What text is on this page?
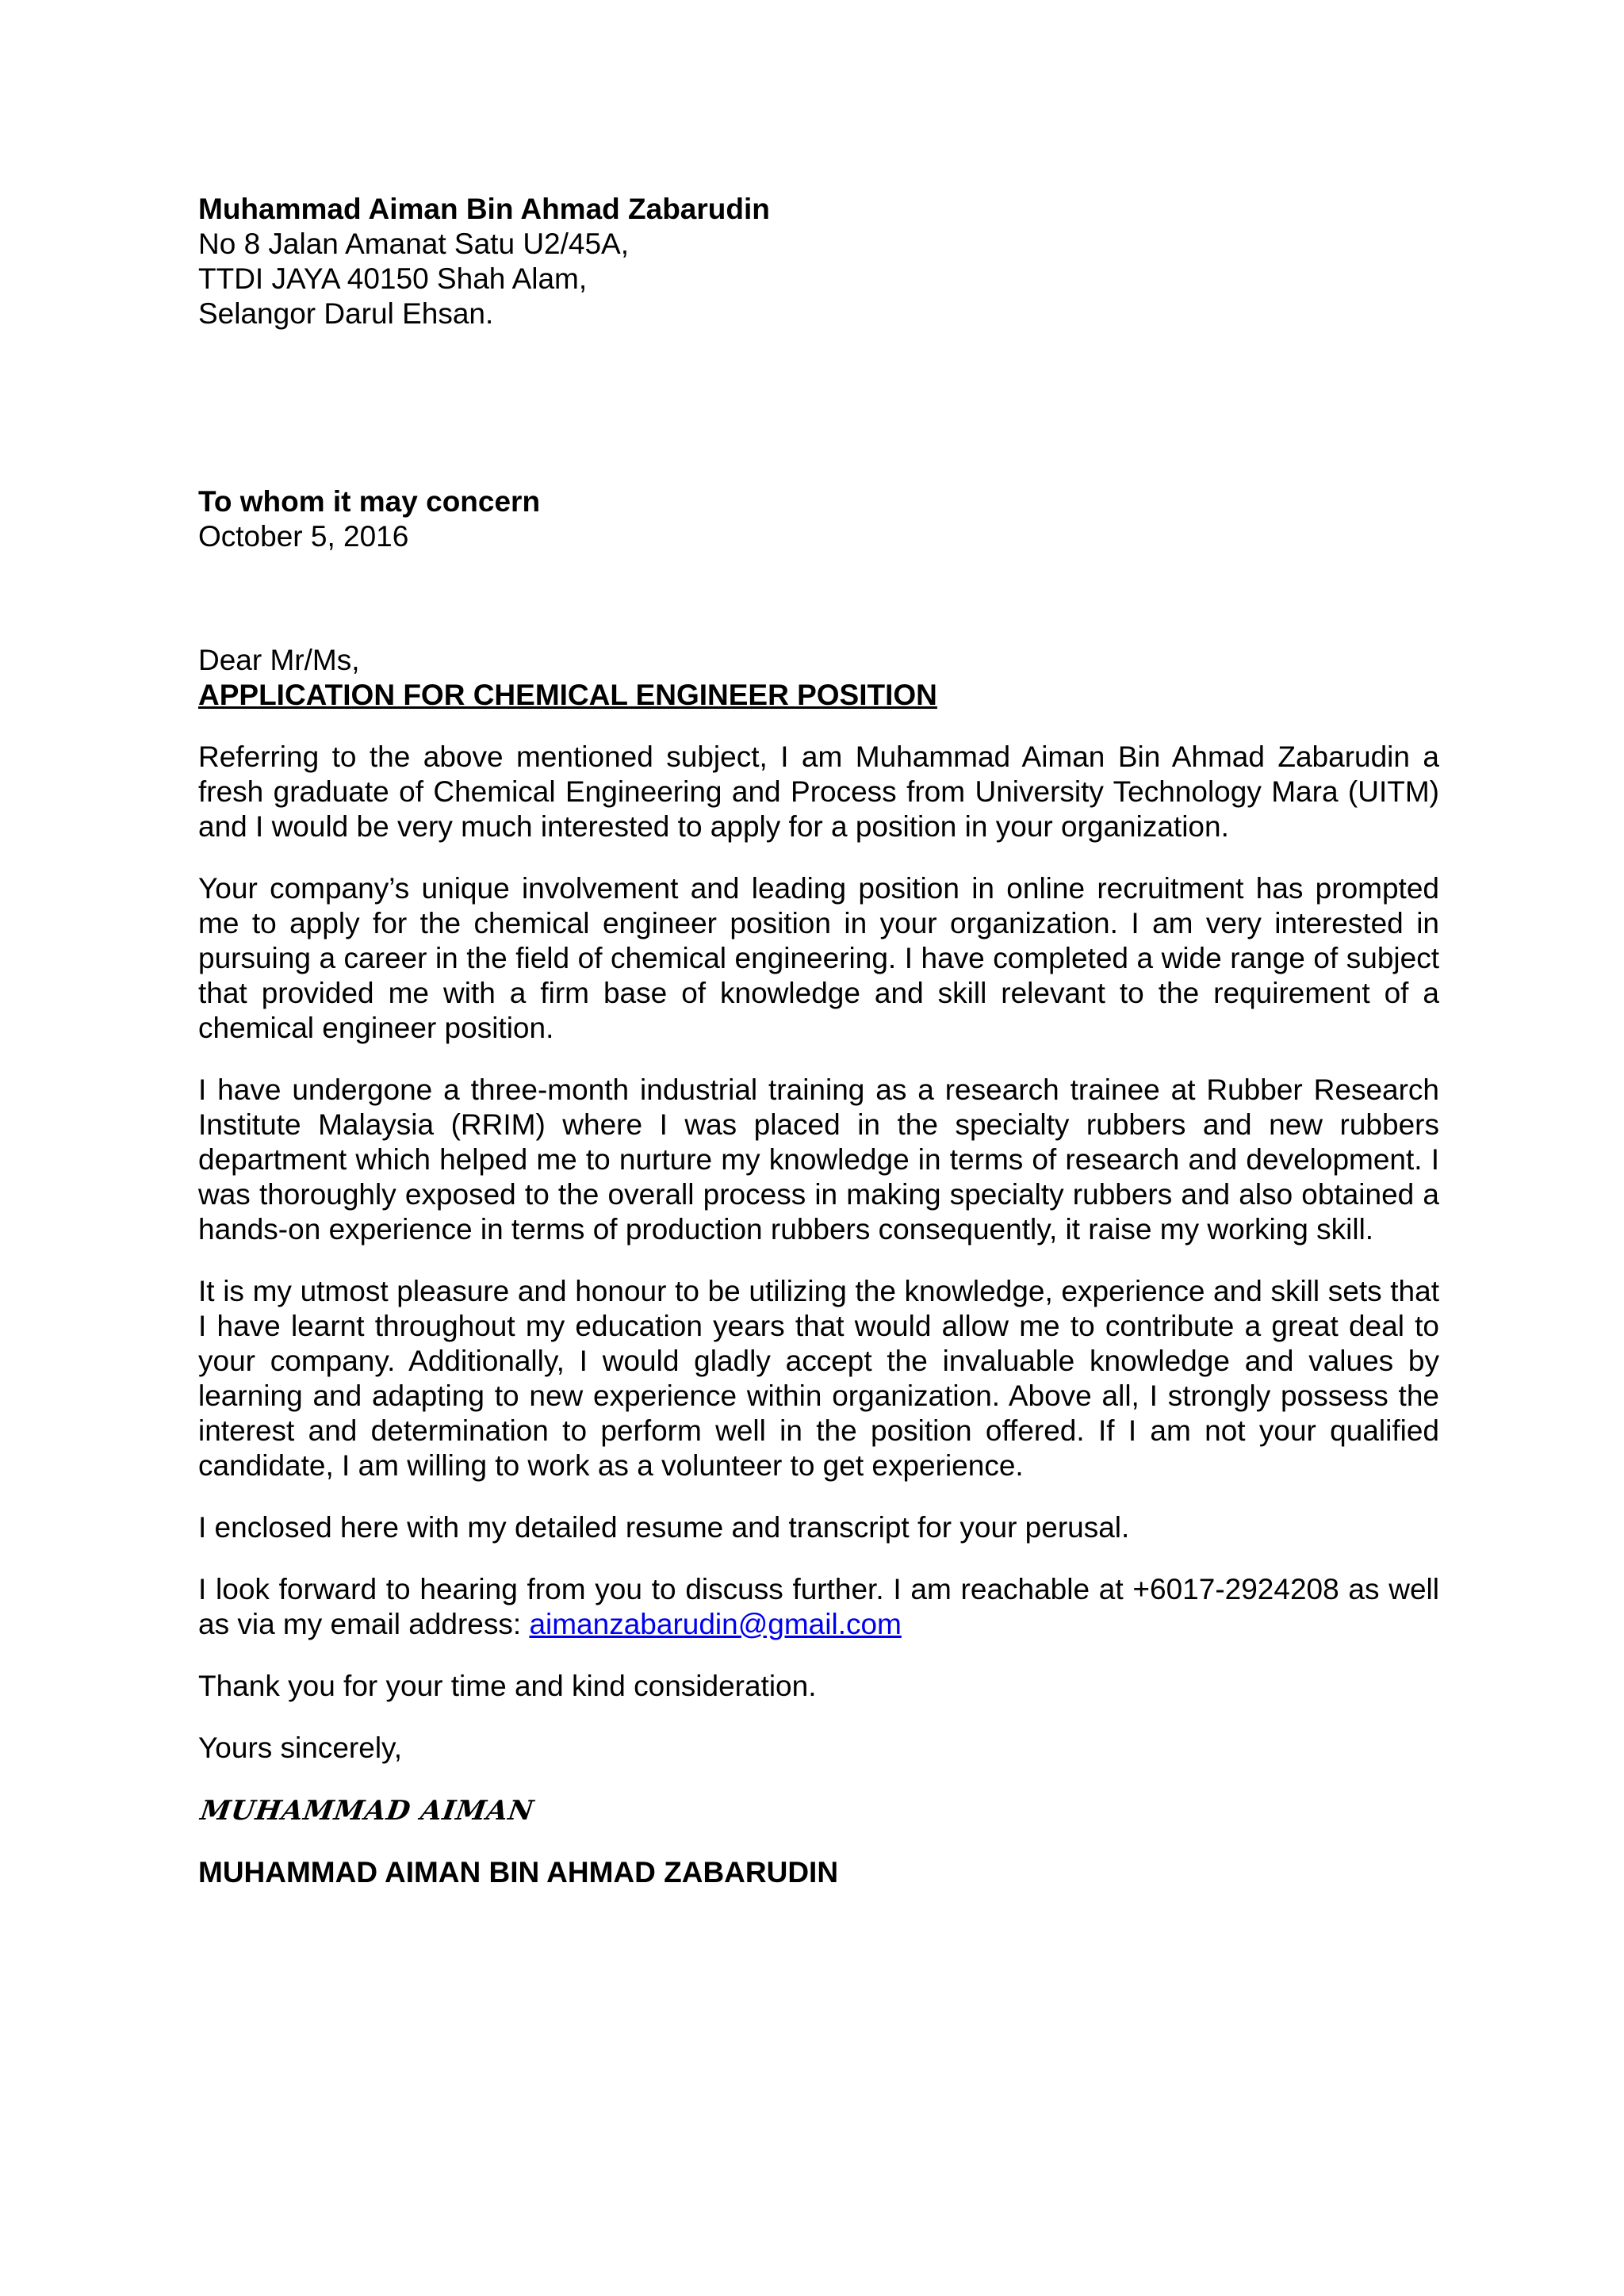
Muhammad Aiman Bin Ahmad Zabarudin

No 8 Jalan Amanat Satu U2/45A,

TTDI JAYA 40150 Shah Alam,

Selangor Darul Ehsan.

To whom it may concern

October 5, 2016

Dear Mr/Ms,

APPLICATION FOR CHEMICAL ENGINEER POSITION

Referring to the above mentioned subject, I am Muhammad Aiman Bin Ahmad Zabarudin a fresh graduate of Chemical Engineering and Process from University Technology Mara (UITM) and I would be very much interested to apply for a position in your organization.

Your company’s unique involvement and leading position in online recruitment has prompted me to apply for the chemical engineer position in your organization. I am very interested in pursuing a career in the field of chemical engineering. I have completed a wide range of subject that provided me with a firm base of knowledge and skill relevant to the requirement of a chemical engineer position.

I have undergone a three-month industrial training as a research trainee at Rubber Research Institute Malaysia (RRIM) where I was placed in the specialty rubbers and new rubbers department which helped me to nurture my knowledge in terms of research and development. I was thoroughly exposed to the overall process in making specialty rubbers and also obtained a hands-on experience in terms of production rubbers consequently, it raise my working skill.

It is my utmost pleasure and honour to be utilizing the knowledge, experience and skill sets that I have learnt throughout my education years that would allow me to contribute a great deal to your company. Additionally, I would gladly accept the invaluable knowledge and values by learning and adapting to new experience within organization. Above all, I strongly possess the interest and determination to perform well in the position offered. If I am not your qualified candidate, I am willing to work as a volunteer to get experience.

I enclosed here with my detailed resume and transcript for your perusal.

I look forward to hearing from you to discuss further. I am reachable at +6017-2924208 as well as via my email address: aimanzabarudin@gmail.com

Thank you for your time and kind consideration.

Yours sincerely,

MUHAMMAD AIMAN

MUHAMMAD AIMAN BIN AHMAD ZABARUDIN
